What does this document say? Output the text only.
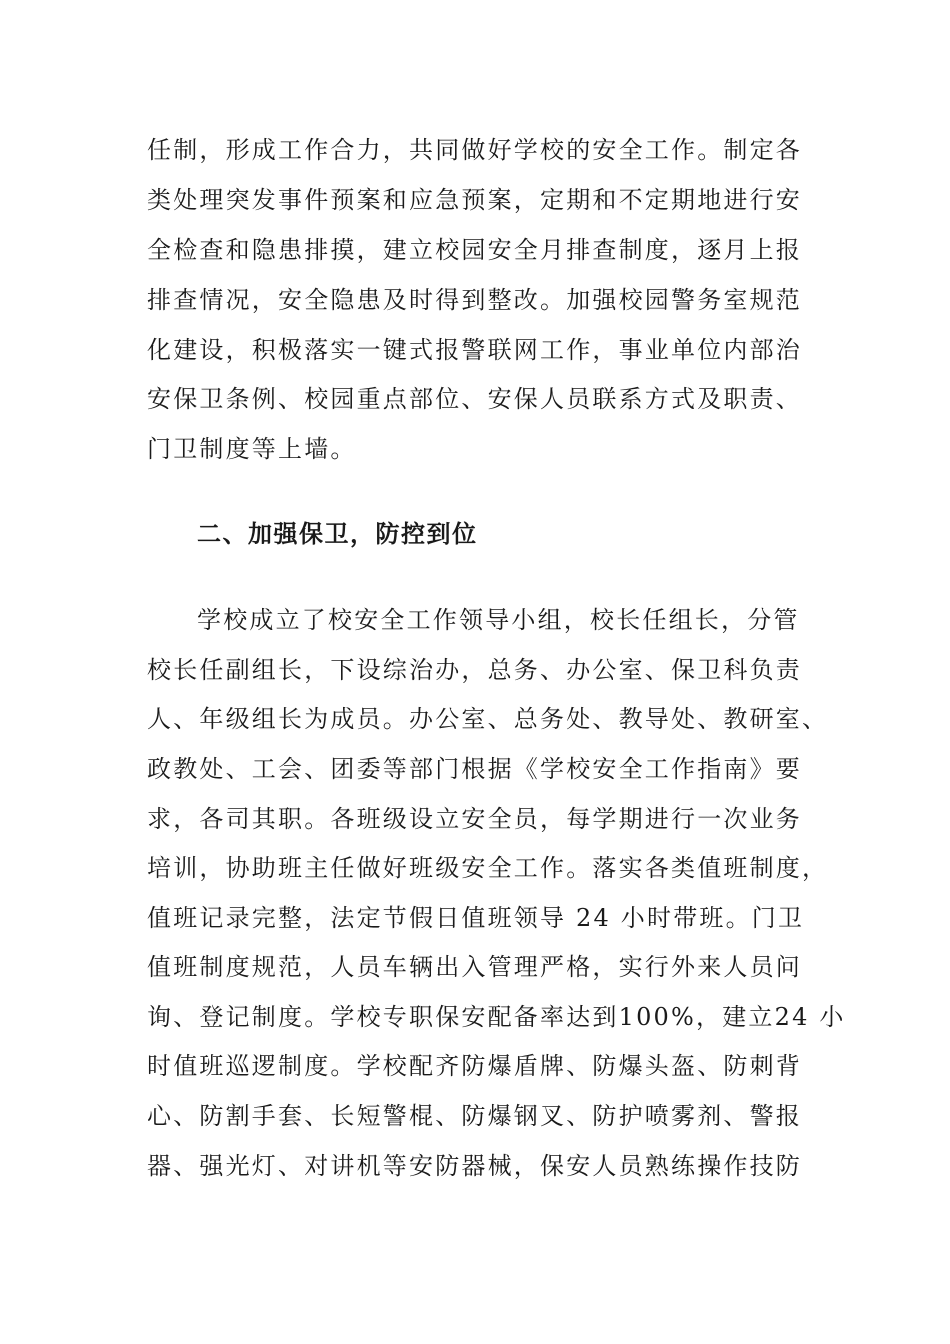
任制，形成工作合力，共同做好学校的安全工作。制定各
类处理突发事件预案和应急预案，定期和不定期地进行安
全检查和隐患排摸，建立校园安全月排查制度，逐月上报
排查情况，安全隐患及时得到整改。加强校园警务室规范
化建设，积极落实一键式报警联网工作，事业单位内部治
安保卫条例、校园重点部位、安保人员联系方式及职责、
门卫制度等上墙。
二、加强保卫，防控到位
学校成立了校安全工作领导小组，校长任组长，分管
校长任副组长，下设综治办，总务、办公室、保卫科负责
人、年级组长为成员。办公室、总务处、教导处、教研室、
政教处、工会、团委等部门根据《学校安全工作指南》要
求，各司其职。各班级设立安全员，每学期进行一次业务
培训，协助班主任做好班级安全工作。落实各类值班制度，
值班记录完整，法定节假日值班领导 24 小时带班。门卫
值班制度规范，人员车辆出入管理严格，实行外来人员问
询、登记制度。学校专职保安配备率达到100%，建立24 小
时值班巡逻制度。学校配齐防爆盾牌、防爆头盔、防刺背
心、防割手套、长短警棍、防爆钢叉、防护喷雾剂、警报
器、强光灯、对讲机等安防器械，保安人员熟练操作技防
